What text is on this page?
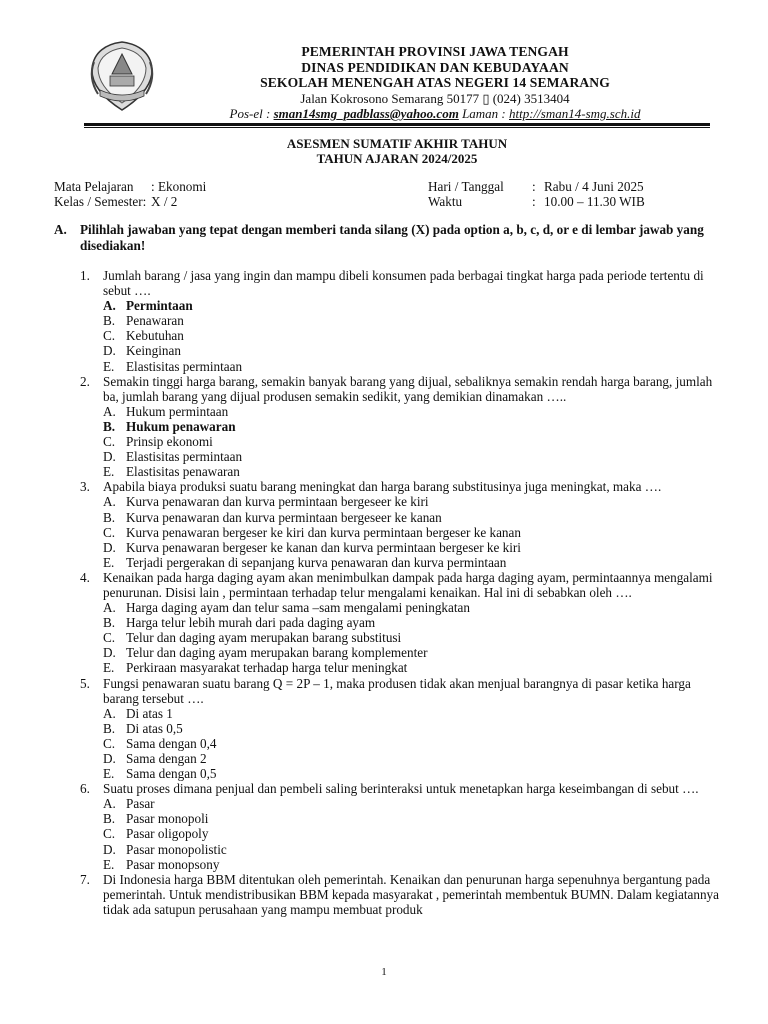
PEMERINTAH PROVINSI JAWA TENGAH
DINAS PENDIDIKAN DAN KEBUDAYAAN
SEKOLAH MENENGAH ATAS NEGERI 14 SEMARANG
Jalan Kokrosono Semarang 50177 ▯ (024) 3513404
Pos-el : sman14smg_padblass@yahoo.com Laman : http://sman14-smg.sch.id
ASESMEN SUMATIF AKHIR TAHUN
TAHUN AJARAN 2024/2025
Mata Pelajaran	: Ekonomi
Kelas / Semester: X / 2
Hari / Tanggal	: Rabu / 4 Juni 2025
Waktu	: 10.00 – 11.30 WIB
A. Pilihlah jawaban yang tepat dengan memberi tanda silang (X) pada option a, b, c, d, or e di lembar jawab yang disediakan!
1. Jumlah barang / jasa yang ingin dan mampu dibeli konsumen pada berbagai tingkat harga pada periode tertentu di sebut ….
A. Permintaan
B. Penawaran
C. Kebutuhan
D. Keinginan
E. Elastisitas permintaan
2. Semakin tinggi harga barang, semakin banyak barang yang dijual, sebaliknya semakin rendah harga barang, jumlah ba, jumlah barang yang dijual produsen semakin sedikit, yang demikian dinamakan …..
A. Hukum permintaan
B. Hukum penawaran
C. Prinsip ekonomi
D. Elastisitas permintaan
E. Elastisitas penawaran
3. Apabila biaya produksi suatu barang meningkat dan harga barang substitusinya juga meningkat, maka ….
A. Kurva penawaran dan kurva permintaan bergeseer ke kiri
B. Kurva penawaran dan kurva permintaan bergeseer ke kanan
C. Kurva penawaran bergeser ke kiri dan kurva permintaan bergeser ke kanan
D. Kurva penawaran bergeser ke kanan dan kurva permintaan bergeser ke kiri
E. Terjadi pergerakan di sepanjang kurva penawaran dan kurva permintaan
4. Kenaikan pada harga daging ayam akan menimbulkan dampak pada harga daging ayam, permintaannya mengalami penurunan. Disisi lain , permintaan terhadap telur mengalami kenaikan. Hal ini di sebabkan oleh ….
A. Harga daging ayam dan telur sama –sam mengalami peningkatan
B. Harga telur lebih murah dari pada daging ayam
C. Telur dan daging ayam merupakan barang substitusi
D. Telur dan daging ayam merupakan barang komplementer
E. Perkiraan masyarakat terhadap harga telur meningkat
5. Fungsi penawaran suatu barang Q = 2P – 1, maka produsen tidak akan menjual barangnya di pasar ketika harga barang tersebut ….
A. Di atas 1
B. Di atas 0,5
C. Sama dengan 0,4
D. Sama dengan 2
E. Sama dengan 0,5
6. Suatu proses dimana penjual dan pembeli saling berinteraksi untuk menetapkan harga keseimbangan di sebut ….
A. Pasar
B. Pasar monopoli
C. Pasar oligopoly
D. Pasar monopolistic
E. Pasar monopsony
7. Di Indonesia harga BBM ditentukan oleh pemerintah. Kenaikan dan penurunan harga sepenuhnya bergantung pada pemerintah. Untuk mendistribusikan BBM kepada masyarakat , pemerintah membentuk BUMN. Dalam kegiatannya tidak ada satupun perusahaan yang mampu membuat produk
1
